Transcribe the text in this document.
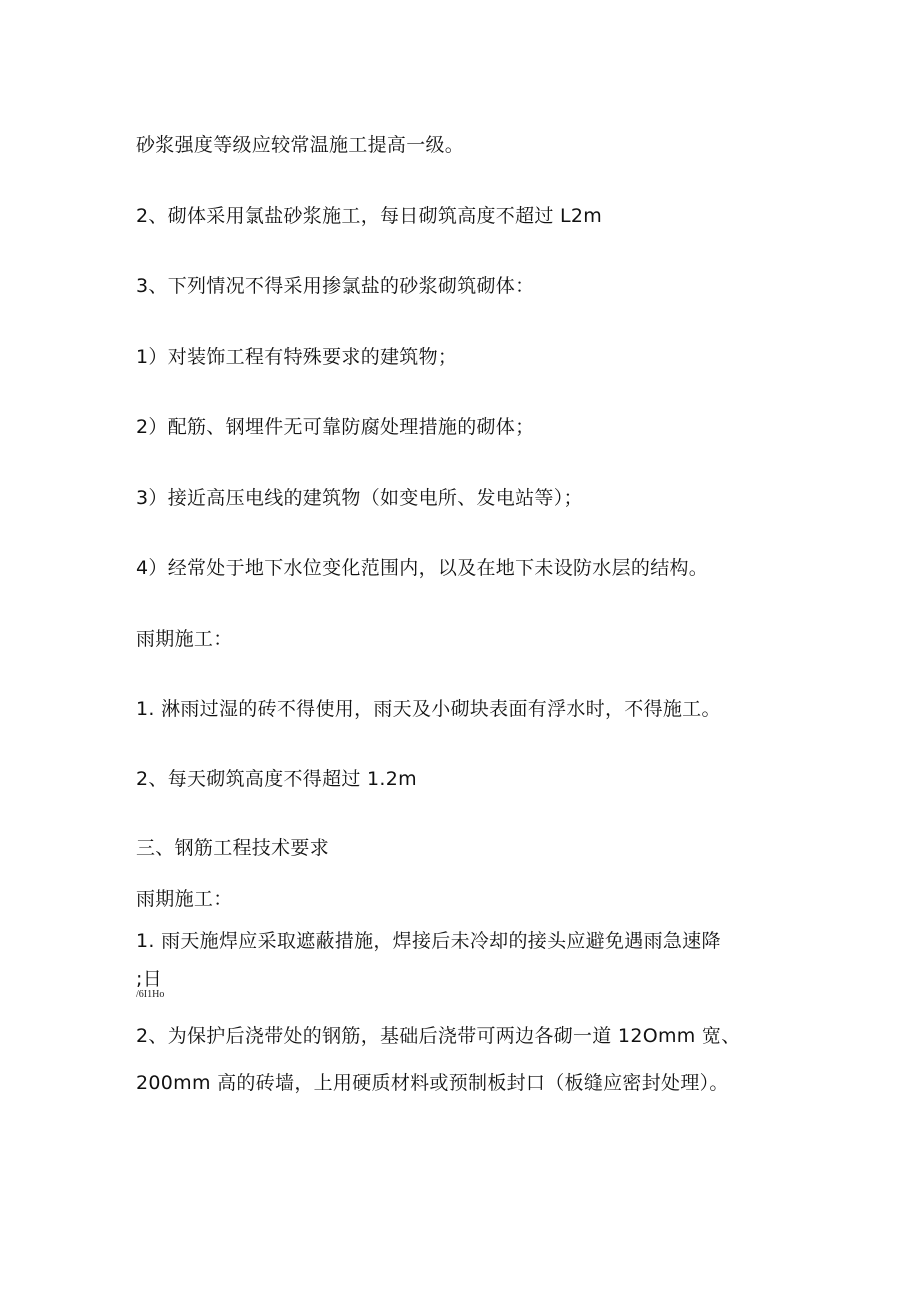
砂浆强度等级应较常温施工提高一级。
2、砌体采用氯盐砂浆施工，每日砌筑高度不超过 L2m
3、下列情况不得采用掺氯盐的砂浆砌筑砌体：
1）对装饰工程有特殊要求的建筑物；
2）配筋、钢埋件无可靠防腐处理措施的砌体；
3）接近高压电线的建筑物（如变电所、发电站等）；
4）经常处于地下水位变化范围内，以及在地下未设防水层的结构。
雨期施工：
1. 淋雨过湿的砖不得使用，雨天及小砌块表面有浮水时，不得施工。
2、每天砌筑高度不得超过 1.2m
三、钢筋工程技术要求
雨期施工：
1. 雨天施焊应采取遮蔽措施，焊接后未冷却的接头应避免遇雨急速降
;日
/6I1Ho
2、为保护后浇带处的钢筋，基础后浇带可两边各砌一道 12Omm 宽、
200mm 高的砖墙，上用硬质材料或预制板封口（板缝应密封处理）。
